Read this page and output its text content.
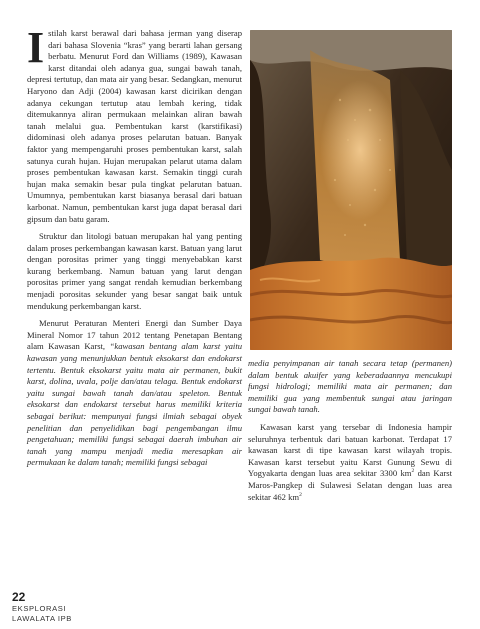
Istilah karst berawal dari bahasa jerman yang diserap dari bahasa Slovenia “kras” yang berarti lahan gersang berbatu. Menurut Ford dan Williams (1989), Kawasan karst ditandai oleh adanya gua, sungai bawah tanah, depresi tertutup, dan mata air yang besar. Sedangkan, menurut Haryono dan Adji (2004) kawasan karst dicirikan dengan adanya cekungan tertutup atau lembah kering, tidak ditemukannya aliran permukaan melainkan aliran bawah tanah melalui gua. Pembentukan karst (karstifikasi) didominasi oleh adanya proses pelarutan batuan. Banyak faktor yang mempengaruhi proses pembentukan karst, salah satunya curah hujan. Hujan merupakan pelarut utama dalam proses pembentukan kawasan karst. Semakin tinggi curah hujan maka semakin besar pula tingkat pelarutan batuan. Umumnya, pembentukan karst biasanya berasal dari batuan karbonat. Namun, pembentukan karst juga dapat berasal dari gipsum dan batu garam.

Struktur dan litologi batuan merupakan hal yang penting dalam proses perkembangan kawasan karst. Batuan yang larut dengan porositas primer yang tinggi menyebabkan karst kurang berkembang. Namun batuan yang larut dengan porositas primer yang sangat rendah kemudian berkembang menjadi porositas sekunder yang besar sangat baik untuk mendukung perkembangan karst.

Menurut Peraturan Menteri Energi dan Sumber Daya Mineral Nomor 17 tahun 2012 tentang Penetapan Bentang alam Kawasan Karst, “kawasan bentang alam karst yaitu kawasan yang menunjukkan bentuk eksokarst dan endokarst tertentu. Bentuk eksokarst yaitu mata air permanen, bukit karst, dolina, uvala, polje dan/atau telaga. Bentuk endokarst yaitu sungai bawah tanah dan/atau speleton. Bentuk eksokarst dan endokarst tersebut harus memiliki kriteria sebagai berikut: mempunyai fungsi ilmiah sebagai obyek penelitian dan penyelidikan bagi pengembangan ilmu pengetahuan; memiliki fungsi sebagai daerah imbuhan air tanah yang mampu menjadi media meresapkan air permukaan ke dalam tanah; memiliki fungsi sebagai

media penyimpanan air tanah secara tetap (permanen) dalam bentuk akuifer yang keberadaannya mencukupi fungsi hidrologi; memiliki mata air permanen; dan memiliki gua yang membentuk sungai atau jaringan sungai bawah tanah.

Kawasan karst yang tersebar di Indonesia hampir seluruhnya terbentuk dari batuan karbonat. Terdapat 17 kawasan karst di tipe kawasan karst wilayah tropis. Kawasan karst tersebut yaitu Karst Gunung Sewu di Yogyakarta dengan luas area sekitar 3300 $km^2$ dan Karst Maros-Pangkep di Sulawesi Selatan dengan luas area sekitar 462 $km^2$

22
EKSPLORASI
LAWALATA IPB
